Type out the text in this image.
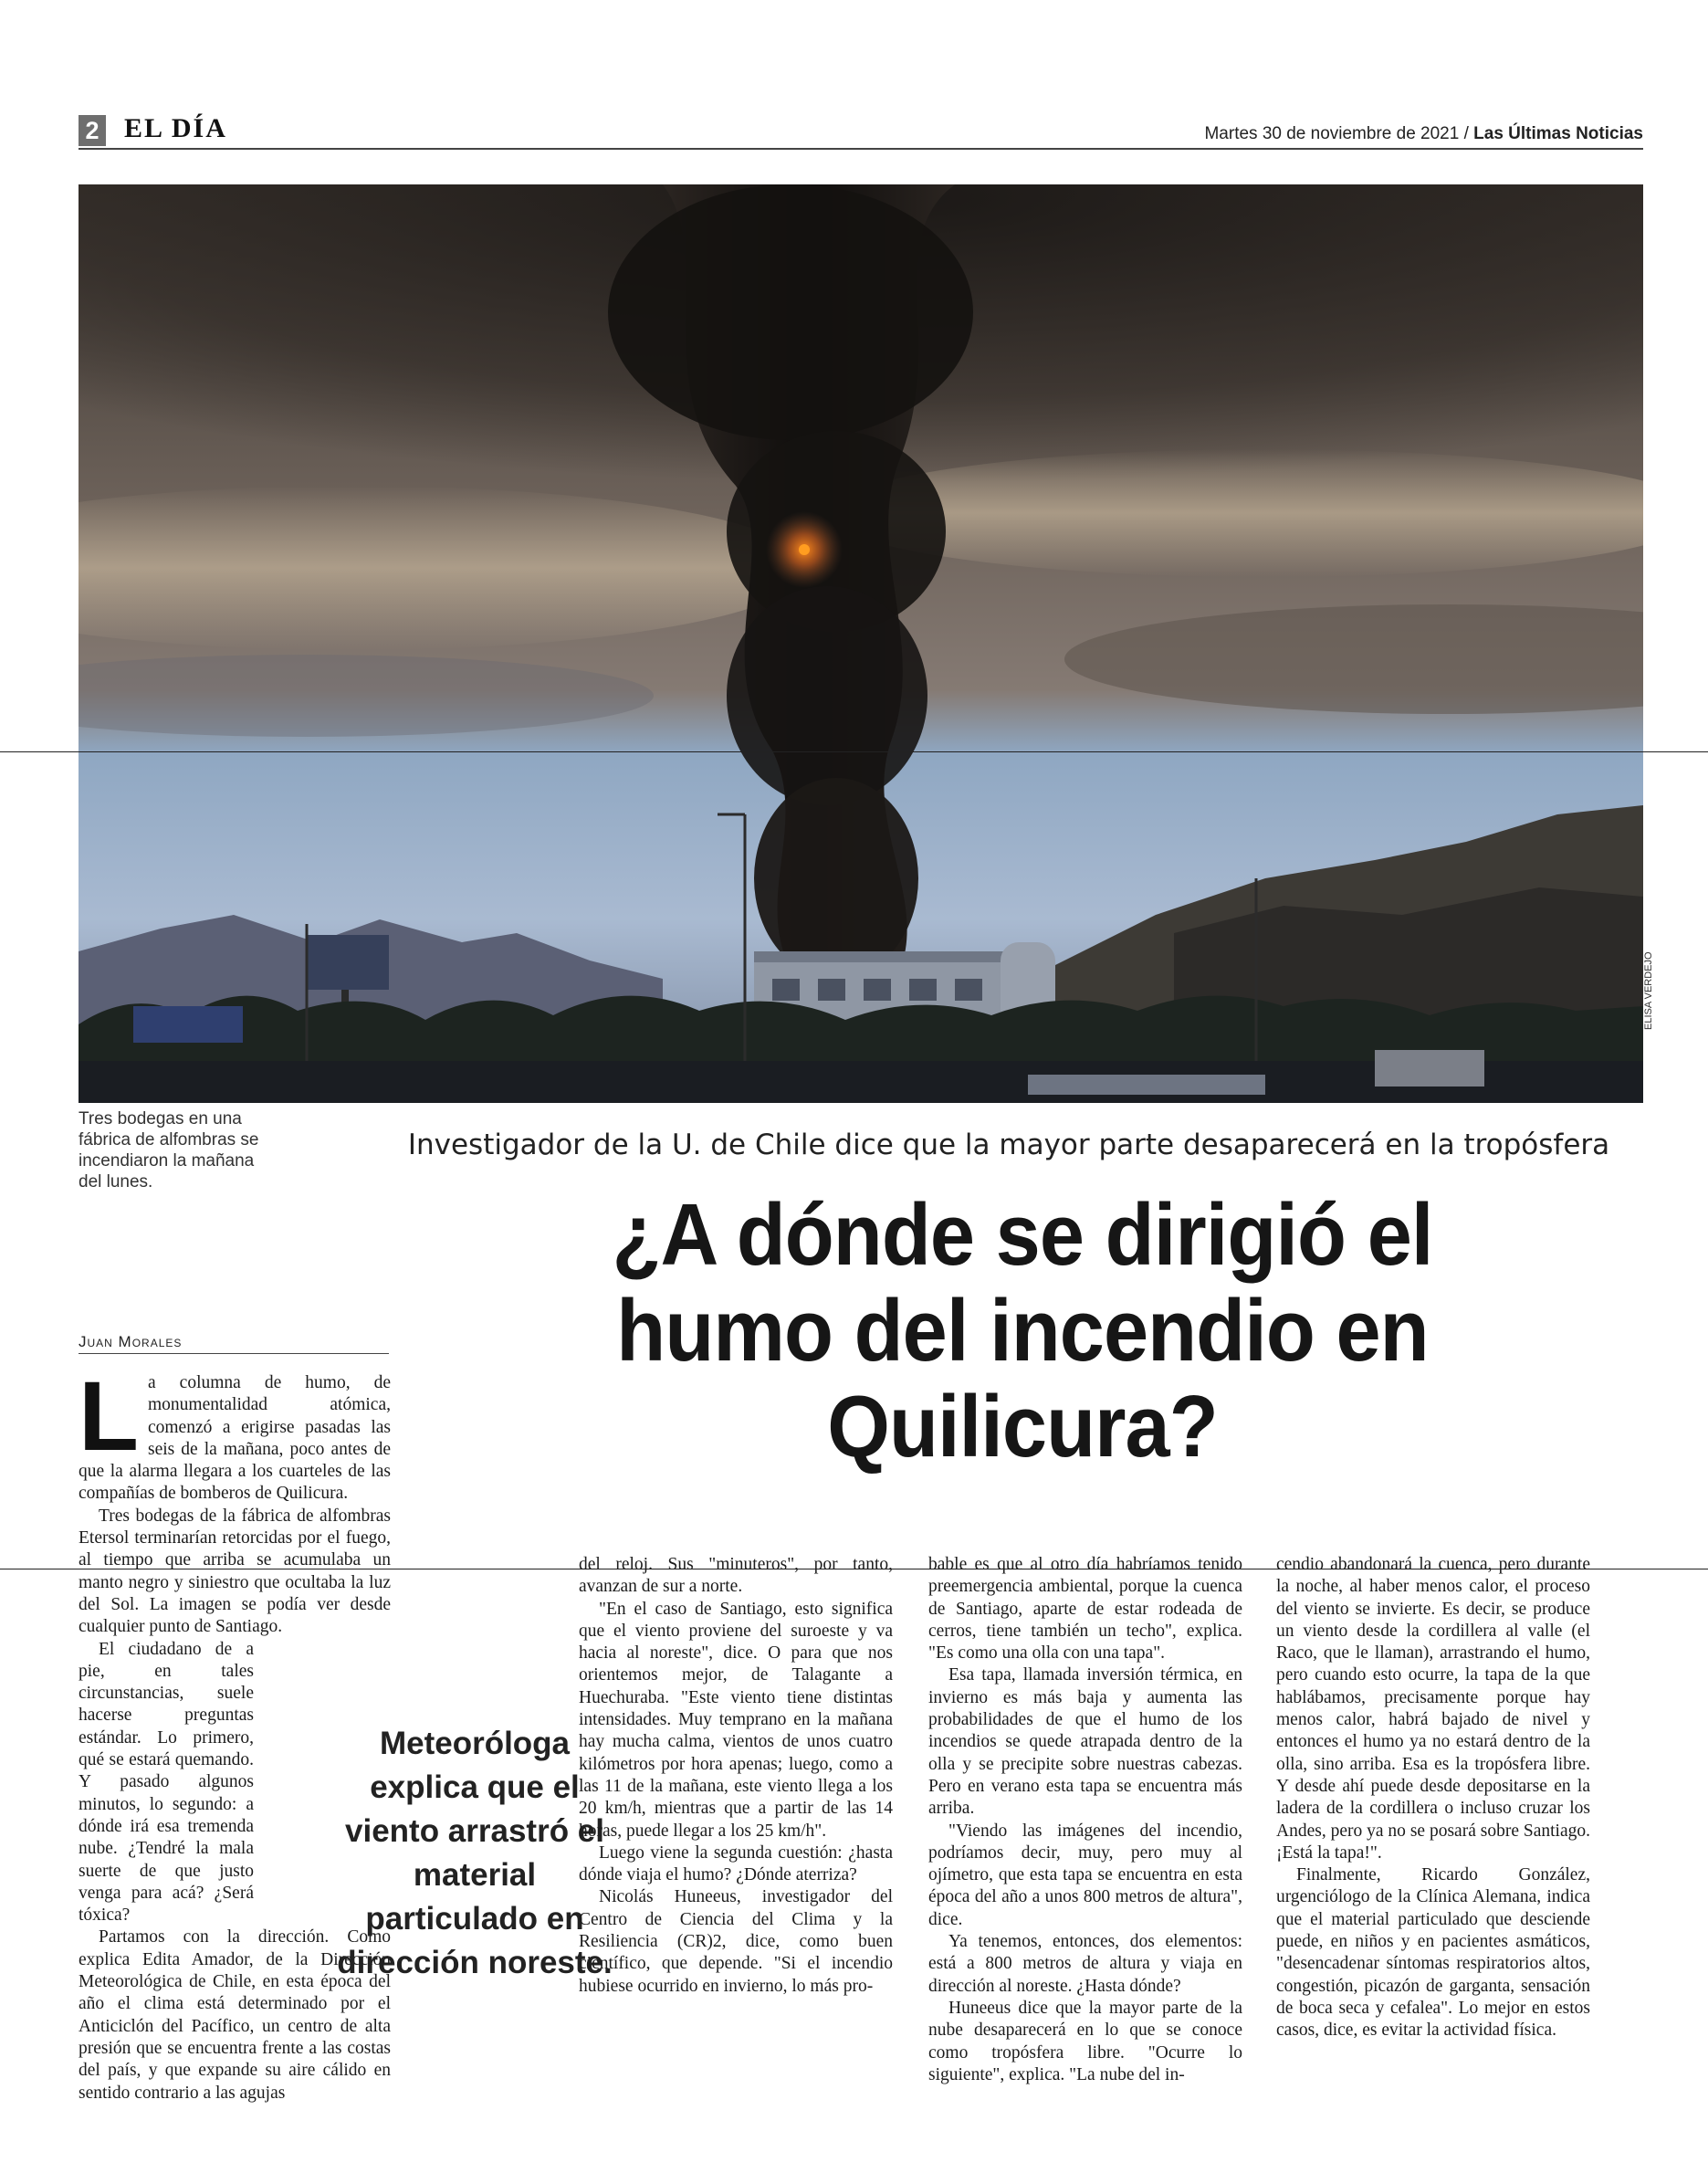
2 EL DÍA	Martes 30 de noviembre de 2021 / Las Últimas Noticias
ELISA VERDEJO
Tres bodegas en una fábrica de alfombras se incendiaron la mañana del lunes.
Investigador de la U. de Chile dice que la mayor parte desaparecerá en la tropósfera
¿A dónde se dirigió el humo del incendio en Quilicura?
Juan Morales

La columna de humo, de monumentalidad atómica, comenzó a erigirse pasadas las seis de la mañana, poco antes de que la alarma llegara a los cuarteles de las compañías de bomberos de Quilicura.

Tres bodegas de la fábrica de alfombras Etersol terminarían retorcidas por el fuego, al tiempo que arriba se acumulaba un manto negro y siniestro que ocultaba la luz del Sol. La imagen se podía ver desde cualquier punto de Santiago.

El ciudadano de a pie, en tales circunstancias, suele hacerse preguntas estándar. Lo primero, qué se estará quemando. Y pasado algunos minutos, lo segundo: a dónde irá esa tremenda nube. ¿Tendré la mala suerte de que justo venga para acá? ¿Será tóxica?

Partamos con la dirección. Como explica Edita Amador, de la Dirección Meteorológica de Chile, en esta época del año el clima está determinado por el Anticiclón del Pacífico, un centro de alta presión que se encuentra frente a las costas del país, y que expande su aire cálido en sentido contrario a las agujas

Meteoróloga explica que el viento arrastró el material particulado en dirección noreste.

del reloj. Sus "minuteros", por tanto, avanzan de sur a norte.

"En el caso de Santiago, esto significa que el viento proviene del suroeste y va hacia al noreste", dice. O para que nos orientemos mejor, de Talagante a Huechuraba. "Este viento tiene distintas intensidades. Muy temprano en la mañana hay mucha calma, vientos de unos cuatro kilómetros por hora apenas; luego, como a las 11 de la mañana, este viento llega a los 20 km/h, mientras que a partir de las 14 horas, puede llegar a los 25 km/h".

Luego viene la segunda cuestión: ¿hasta dónde viaja el humo? ¿Dónde aterriza?

Nicolás Huneeus, investigador del Centro de Ciencia del Clima y la Resiliencia (CR)2, dice, como buen científico, que depende. "Si el incendio hubiese ocurrido en invierno, lo más pro-

bable es que al otro día habríamos tenido preemergencia ambiental, porque la cuenca de Santiago, aparte de estar rodeada de cerros, tiene también un techo", explica. "Es como una olla con una tapa".

Esa tapa, llamada inversión térmica, en invierno es más baja y aumenta las probabilidades de que el humo de los incendios se quede atrapada dentro de la olla y se precipite sobre nuestras cabezas. Pero en verano esta tapa se encuentra más arriba.

"Viendo las imágenes del incendio, podríamos decir, muy, pero muy al ojímetro, que esta tapa se encuentra en esta época del año a unos 800 metros de altura", dice.

Ya tenemos, entonces, dos elementos: está a 800 metros de altura y viaja en dirección al noreste. ¿Hasta dónde?

Huneeus dice que la mayor parte de la nube desaparecerá en lo que se conoce como tropósfera libre. "Ocurre lo siguiente", explica. "La nube del in-

cendio abandonará la cuenca, pero durante la noche, al haber menos calor, el proceso del viento se invierte. Es decir, se produce un viento desde la cordillera al valle (el Raco, que le llaman), arrastrando el humo, pero cuando esto ocurre, la tapa de la que hablábamos, precisamente porque hay menos calor, habrá bajado de nivel y entonces el humo ya no estará dentro de la olla, sino arriba. Esa es la tropósfera libre. Y desde ahí puede desde depositarse en la ladera de la cordillera o incluso cruzar los Andes, pero ya no se posará sobre Santiago. ¡Está la tapa!".

Finalmente, Ricardo González, urgenciólogo de la Clínica Alemana, indica que el material particulado que desciende puede, en niños y en pacientes asmáticos, "desencadenar síntomas respiratorios altos, congestión, picazón de garganta, sensación de boca seca y cefalea". Lo mejor en estos casos, dice, es evitar la actividad física.
